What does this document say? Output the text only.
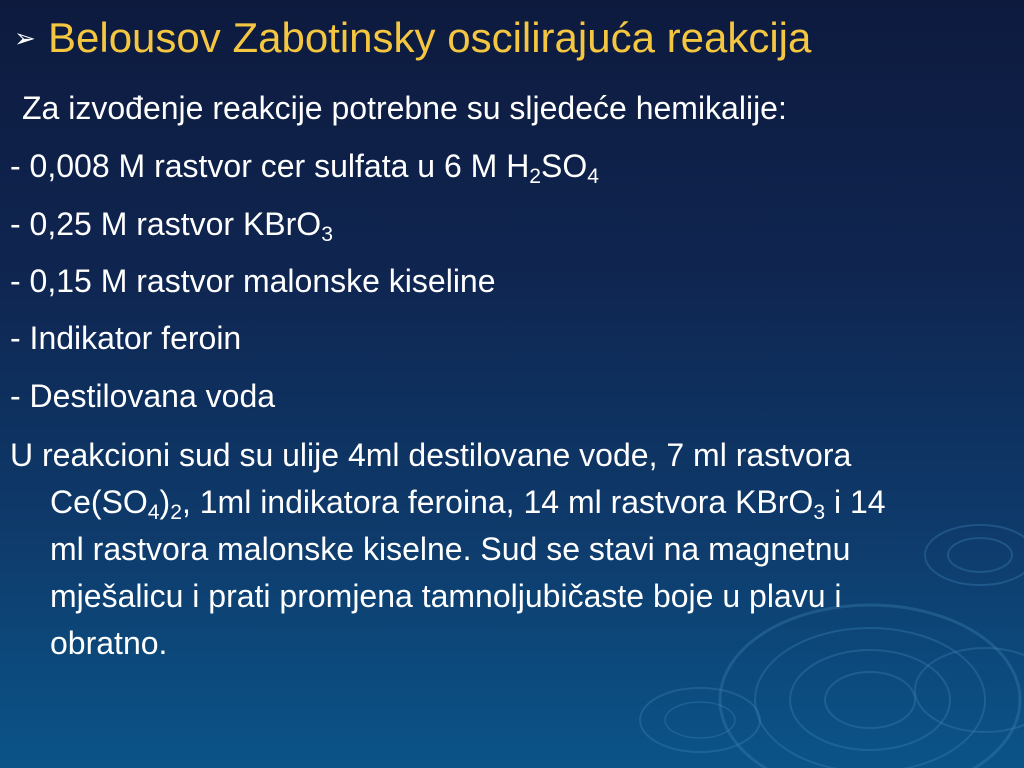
➢ Belousov Zabotinsky oscilirajuća reakcija
Za izvođenje reakcije potrebne su sljedeće hemikalije:
- 0,008 M rastvor cer sulfata u 6 M $H_2SO_4$
- 0,25 M rastvor KBrO$_3$
- 0,15 M rastvor malonske kiseline
- Indikator feroin
- Destilovana voda
U reakcioni sud su ulije 4ml destilovane vode, 7 ml rastvora
$Ce(SO_4)_2$, 1ml indikatora feroina, 14 ml rastvora KBrO$_3$ i 14
ml rastvora malonske kiselne. Sud se stavi na magnetnu
mješalicu i prati promjena tamnoljubičaste boje u plavu i
obratno.
